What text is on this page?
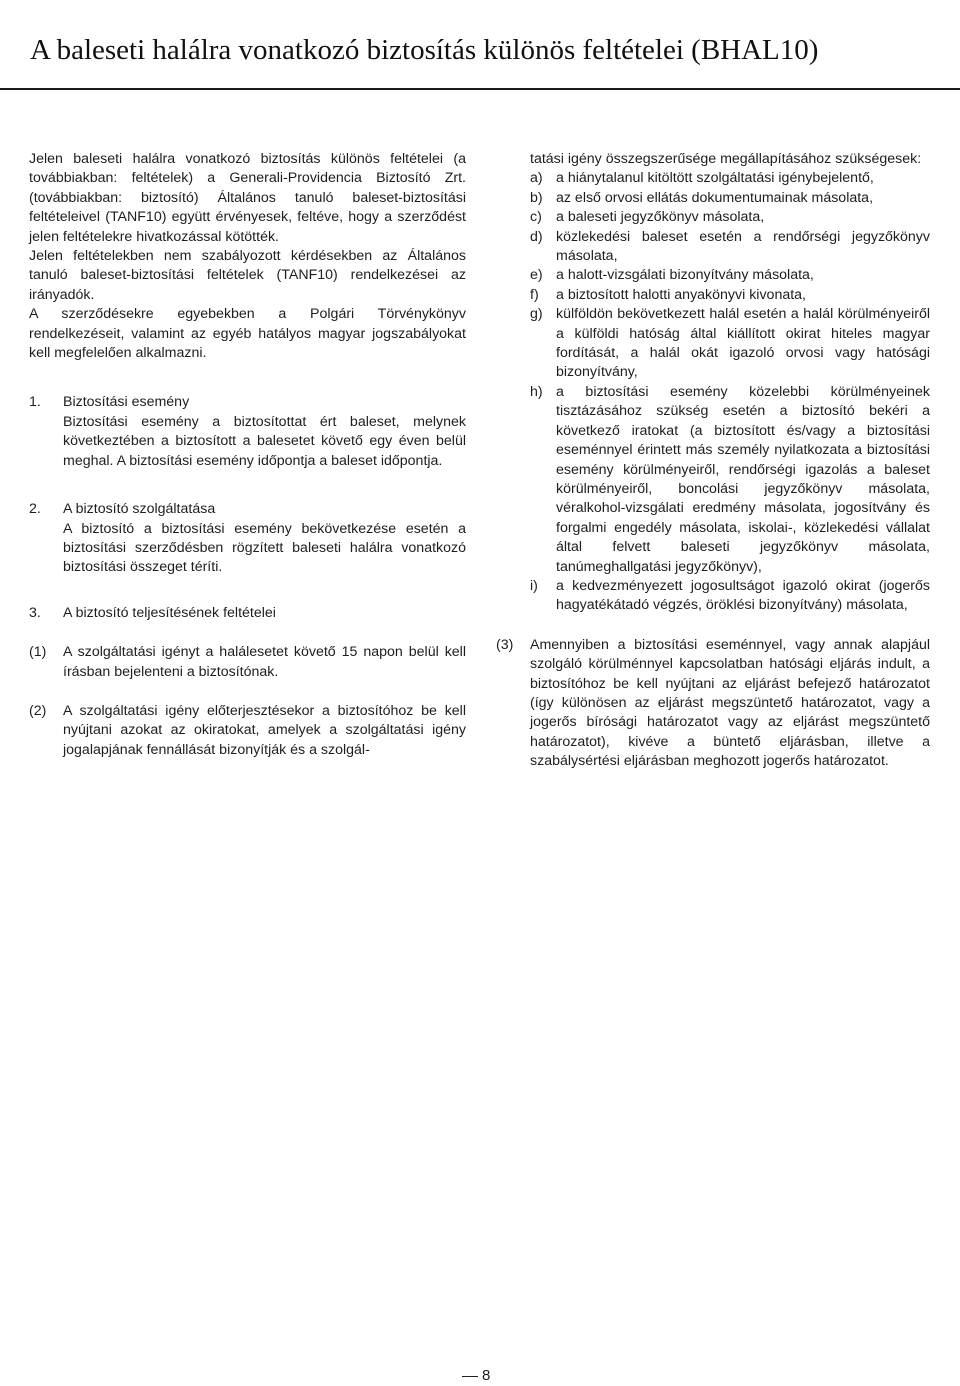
A baleseti halálra vonatkozó biztosítás különös feltételei (BHAL10)

Jelen baleseti halálra vonatkozó biztosítás különös feltételei (a továbbiakban: feltételek) a Generali-Providencia Biztosító Zrt. (továbbiakban: biztosító) Általános tanuló baleset-biztosítási feltételeivel (TANF10) együtt érvényesek, feltéve, hogy a szerződést jelen feltételekre hivatkozással kötötték.

Jelen feltételekben nem szabályozott kérdésekben az Általános tanuló baleset-biztosítási feltételek (TANF10) rendelkezései az irányadók.

A szerződésekre egyebekben a Polgári Törvénykönyv rendelkezéseit, valamint az egyéb hatályos magyar jogszabályokat kell megfelelően alkalmazni.

1.	Biztosítási esemény

Biztosítási esemény a biztosítottat ért baleset, melynek következtében a biztosított a balesetet követő egy éven belül meghal. A biztosítási esemény időpontja a baleset időpontja.

2.	A biztosító szolgáltatása

A biztosító a biztosítási esemény bekövetkezése esetén a biztosítási szerződésben rögzített baleseti halálra vonatkozó biztosítási összeget téríti.

3.	A biztosító teljesítésének feltételei
(1)	A szolgáltatási igényt a halálesetet követő 15 napon belül kell írásban bejelenteni a biztosítónak.

(2)	A szolgáltatási igény előterjesztésekor a biztosítóhoz be kell nyújtani azokat az okiratokat, amelyek a szolgáltatási igény jogalapjának fennállását bizonyítják és a szolgál-

tatási igény összegszerűsége megállapításához szükségesek:

a) a hiánytalanul kitöltött szolgáltatási igénybejelentő,

b) az első orvosi ellátás dokumentumainak másolata,

c) a baleseti jegyzőkönyv másolata,

d) közlekedési baleset esetén a rendőrségi jegyzőkönyv másolata,

e) a halott-vizsgálati bizonyítvány másolata,

f)	a biztosított halotti anyakönyvi kivonata,

g) külföldön bekövetkezett halál esetén a halál körülményeiről a külföldi hatóság által kiállított okirat hiteles magyar fordítását, a halál okát igazoló orvosi vagy hatósági bizonyítvány,

h) a biztosítási esemény közelebbi körülményeinek tisztázásához szükség esetén a biztosító bekéri a következő iratokat (a biztosított és/vagy a biztosítási eseménnyel érintett más személy nyilatkozata a biztosítási esemény körülményeiről, rendőrségi igazolás a baleset körülményeiről, boncolási jegyzőkönyv másolata, véralkohol-vizsgálati eredmény másolata, jogosítvány és forgalmi engedély másolata, iskolai-, közlekedési vállalat által felvett baleseti jegyzőkönyv másolata, tanúmeghallgatási jegyzőkönyv),

i)	a kedvezményezett jogosultságot igazoló okirat (jogerős hagyatékátadó végzés, öröklési bizonyítvány) másolata,

(3)	Amennyiben a biztosítási eseménnyel, vagy annak alapjául szolgáló körülménnyel kapcsolatban hatósági eljárás indult, a biztosítóhoz be kell nyújtani az eljárást befejező határozatot (így különösen az eljárást megszüntető határozatot, vagy a jogerős bírósági határozatot vagy az eljárást megszüntető határozatot), kivéve a büntető eljárásban, illetve a szabálysértési eljárásban meghozott jogerős határozatot.

8
